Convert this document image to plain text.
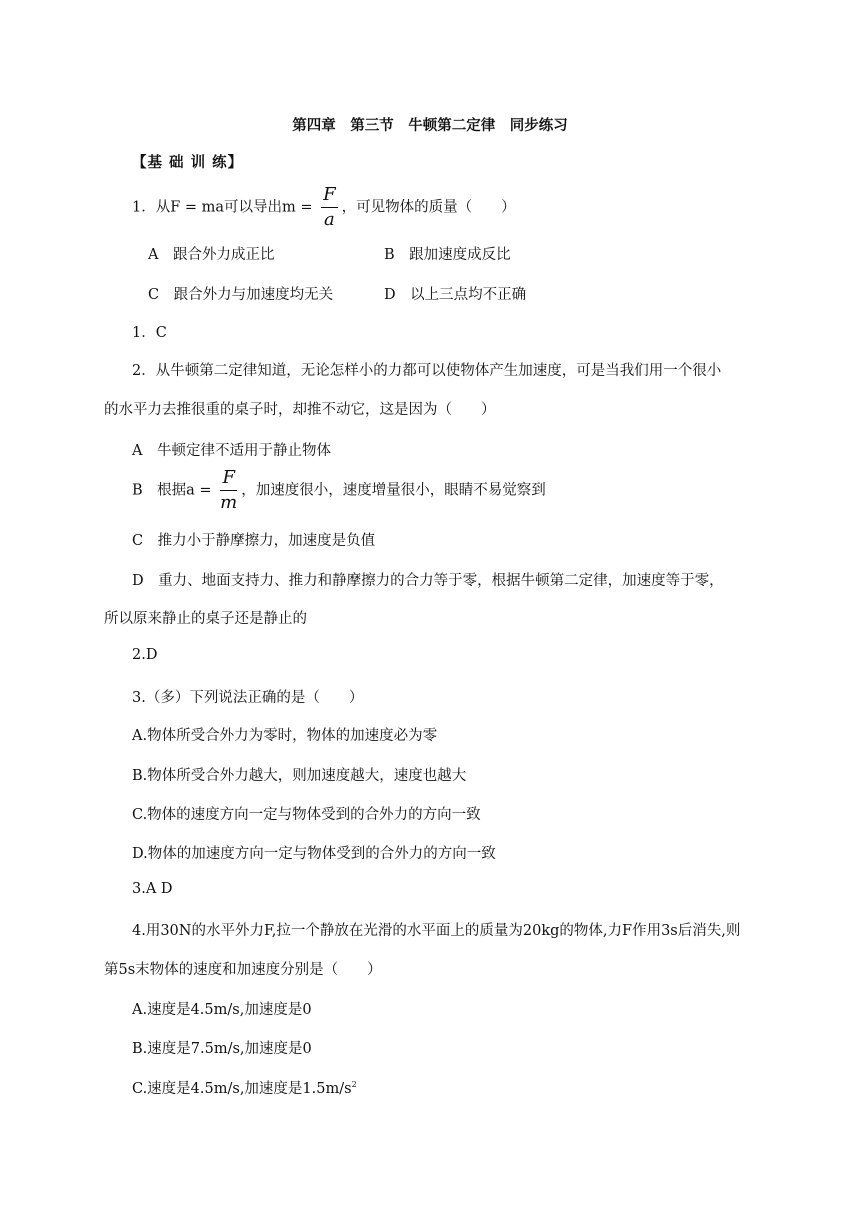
第四章　第三节　牛顿第二定律　同步练习
【基 础 训 练】
1．从F = ma可以导出$m = \frac{F}{a}$ ，可见物体的质量（　　）
A　跟合外力成正比	B　跟加速度成反比
C　跟合外力与加速度均无关	D　以上三点均不正确
1．C
2．从牛顿第二定律知道，无论怎样小的力都可以使物体产生加速度，可是当我们用一个很小
的水平力去推很重的桌子时，却推不动它，这是因为（　　）
A　牛顿定律不适用于静止物体
B　根据$a = \frac{F}{m}$ ，加速度很小，速度增量很小，眼睛不易觉察到
C　推力小于静摩擦力，加速度是负值
D　重力、地面支持力、推力和静摩擦力的合力等于零，根据牛顿第二定律，加速度等于零，
所以原来静止的桌子还是静止的
2.D
3.（多）下列说法正确的是（　　）
A.物体所受合外力为零时，物体的加速度必为零
B.物体所受合外力越大，则加速度越大，速度也越大
C.物体的速度方向一定与物体受到的合外力的方向一致
D.物体的加速度方向一定与物体受到的合外力的方向一致
3.A D
4.用30N的水平外力F,拉一个静放在光滑的水平面上的质量为20kg的物体,力F作用3s后消失,则
第5s末物体的速度和加速度分别是（　　）
A.速度是4.5m/s,加速度是0
B.速度是7.5m/s,加速度是0
C.速度是4.5m/s,加速度是$1.5m/s^2$
